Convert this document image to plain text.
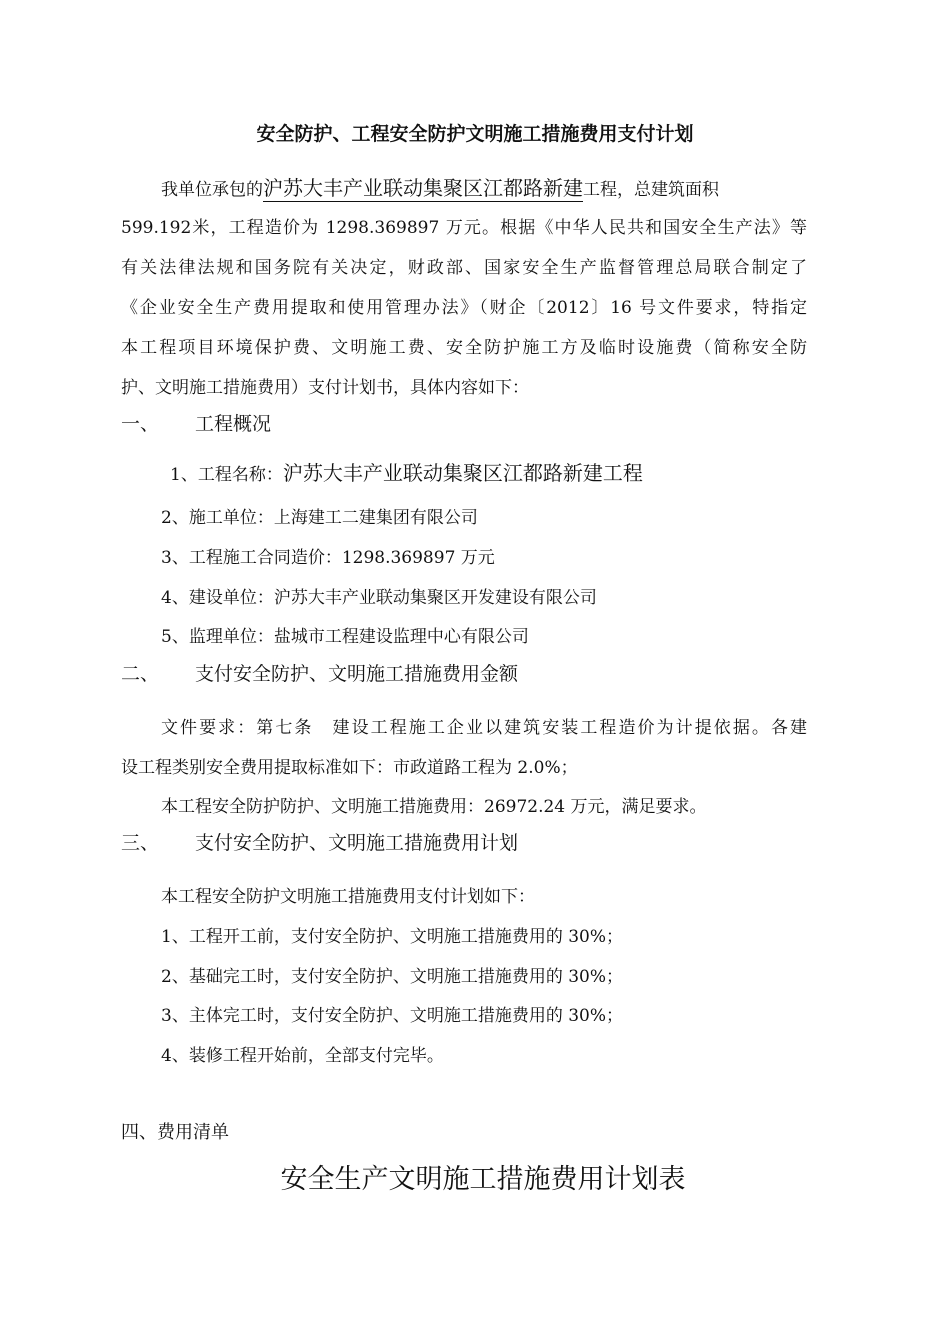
安全防护、工程安全防护文明施工措施费用支付计划
我单位承包的沪苏大丰产业联动集聚区江都路新建工程，总建筑面积
599.192米，工程造价为 1298.369897 万元。根据《中华人民共和国安全生产法》等
有关法律法规和国务院有关决定，财政部、国家安全生产监督管理总局联合制定了
《企业安全生产费用提取和使用管理办法》（财企〔2012〕16 号文件要求，特指定
本工程项目环境保护费、文明施工费、安全防护施工方及临时设施费（简称安全防
护、文明施工措施费用）支付计划书，具体内容如下：
一、 工程概况
1、工程名称：沪苏大丰产业联动集聚区江都路新建工程
2、施工单位：上海建工二建集团有限公司
3、工程施工合同造价：1298.369897 万元
4、建设单位：沪苏大丰产业联动集聚区开发建设有限公司
5、监理单位：盐城市工程建设监理中心有限公司
二、 支付安全防护、文明施工措施费用金额
文件要求：第七条　建设工程施工企业以建筑安装工程造价为计提依据。各建
设工程类别安全费用提取标准如下：市政道路工程为 2.0%；
本工程安全防护防护、文明施工措施费用：26972.24 万元，满足要求。
三、 支付安全防护、文明施工措施费用计划
本工程安全防护文明施工措施费用支付计划如下：
1、工程开工前，支付安全防护、文明施工措施费用的 30%；
2、基础完工时，支付安全防护、文明施工措施费用的 30%；
3、主体完工时，支付安全防护、文明施工措施费用的 30%；
4、装修工程开始前，全部支付完毕。
四、费用清单
安全生产文明施工措施费用计划表
